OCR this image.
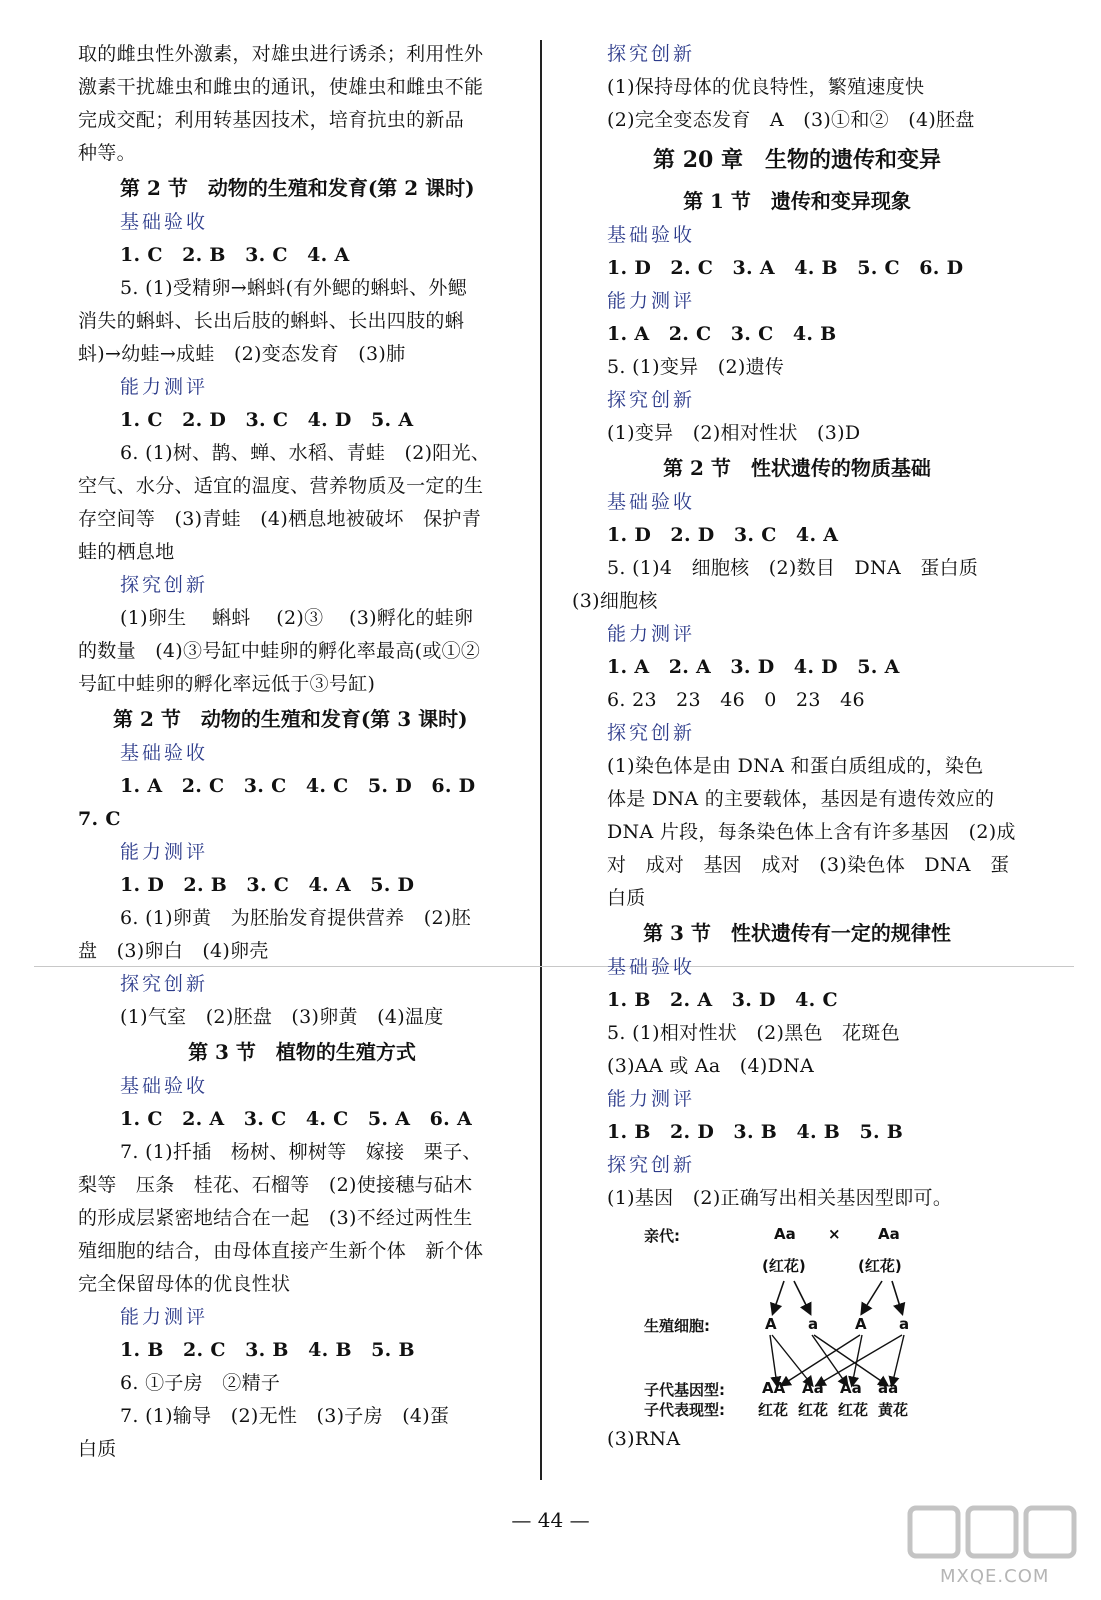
取的雌虫性外激素，对雄虫进行诱杀；利用性外
激素干扰雄虫和雌虫的通讯，使雄虫和雌虫不能
完成交配；利用转基因技术，培育抗虫的新品
种等。
第 2 节　动物的生殖和发育(第 2 课时)
基础验收
1. C　2. B　3. C　4. A
5. (1)受精卵→蝌蚪(有外鳃的蝌蚪、外鳃
消失的蝌蚪、长出后肢的蝌蚪、长出四肢的蝌
蚪)→幼蛙→成蛙　(2)变态发育　(3)肺
能力测评
1. C　2. D　3. C　4. D　5. A
6. (1)树、鹊、蝉、水稻、青蛙　(2)阳光、
空气、水分、适宜的温度、营养物质及一定的生
存空间等　(3)青蛙　(4)栖息地被破坏　保护青
蛙的栖息地
探究创新
(1)卵生　 蝌蚪　 (2)③　 (3)孵化的蛙卵
的数量　(4)③号缸中蛙卵的孵化率最高(或①②
号缸中蛙卵的孵化率远低于③号缸)
第 2 节　动物的生殖和发育(第 3 课时)
基础验收
1. A　2. C　3. C　4. C　5. D　6. D
7. C
能力测评
1. D　2. B　3. C　4. A　5. D
6. (1)卵黄　为胚胎发育提供营养　(2)胚
盘　(3)卵白　(4)卵壳
探究创新
(1)气室　(2)胚盘　(3)卵黄　(4)温度
第 3 节　植物的生殖方式
基础验收
1. C　2. A　3. C　4. C　5. A　6. A
7. (1)扦插　杨树、柳树等　嫁接　栗子、
梨等　压条　桂花、石榴等　(2)使接穗与砧木
的形成层紧密地结合在一起　(3)不经过两性生
殖细胞的结合，由母体直接产生新个体　新个体
完全保留母体的优良性状
能力测评
1. B　2. C　3. B　4. B　5. B
6. ①子房　②精子
7. (1)输导　(2)无性　(3)子房　(4)蛋
白质
探究创新
(1)保持母体的优良特性，繁殖速度快
(2)完全变态发育　A　(3)①和②　(4)胚盘
第 20 章　生物的遗传和变异
第 1 节　遗传和变异现象
基础验收
1. D　2. C　3. A　4. B　5. C　6. D
能力测评
1. A　2. C　3. C　4. B
5. (1)变异　(2)遗传
探究创新
(1)变异　(2)相对性状　(3)D
第 2 节　性状遗传的物质基础
基础验收
1. D　2. D　3. C　4. A
5. (1)4　细胞核　(2)数目　DNA　蛋白质
(3)细胞核
能力测评
1. A　2. A　3. D　4. D　5. A
6. 23　23　46　0　23　46
探究创新
(1)染色体是由 DNA 和蛋白质组成的，染色
体是 DNA 的主要载体，基因是有遗传效应的
DNA 片段，每条染色体上含有许多基因　(2)成
对　成对　基因　成对　(3)染色体　DNA　蛋
白质
第 3 节　性状遗传有一定的规律性
基础验收
1. B　2. A　3. D　4. C
5. (1)相对性状　(2)黑色　花斑色
(3)AA 或 Aa　(4)DNA
能力测评
1. B　2. D　3. B　4. B　5. B
探究创新
(1)基因　(2)正确写出相关基因型即可。
亲代:	Aa × Aa
(红花)	(红花)
生殖细胞:	A a A a
子代基因型: AA Aa Aa aa
子代表现型: 红花 红花 红花 黄花
(3)RNA
— 44 —
MXQE.COM
